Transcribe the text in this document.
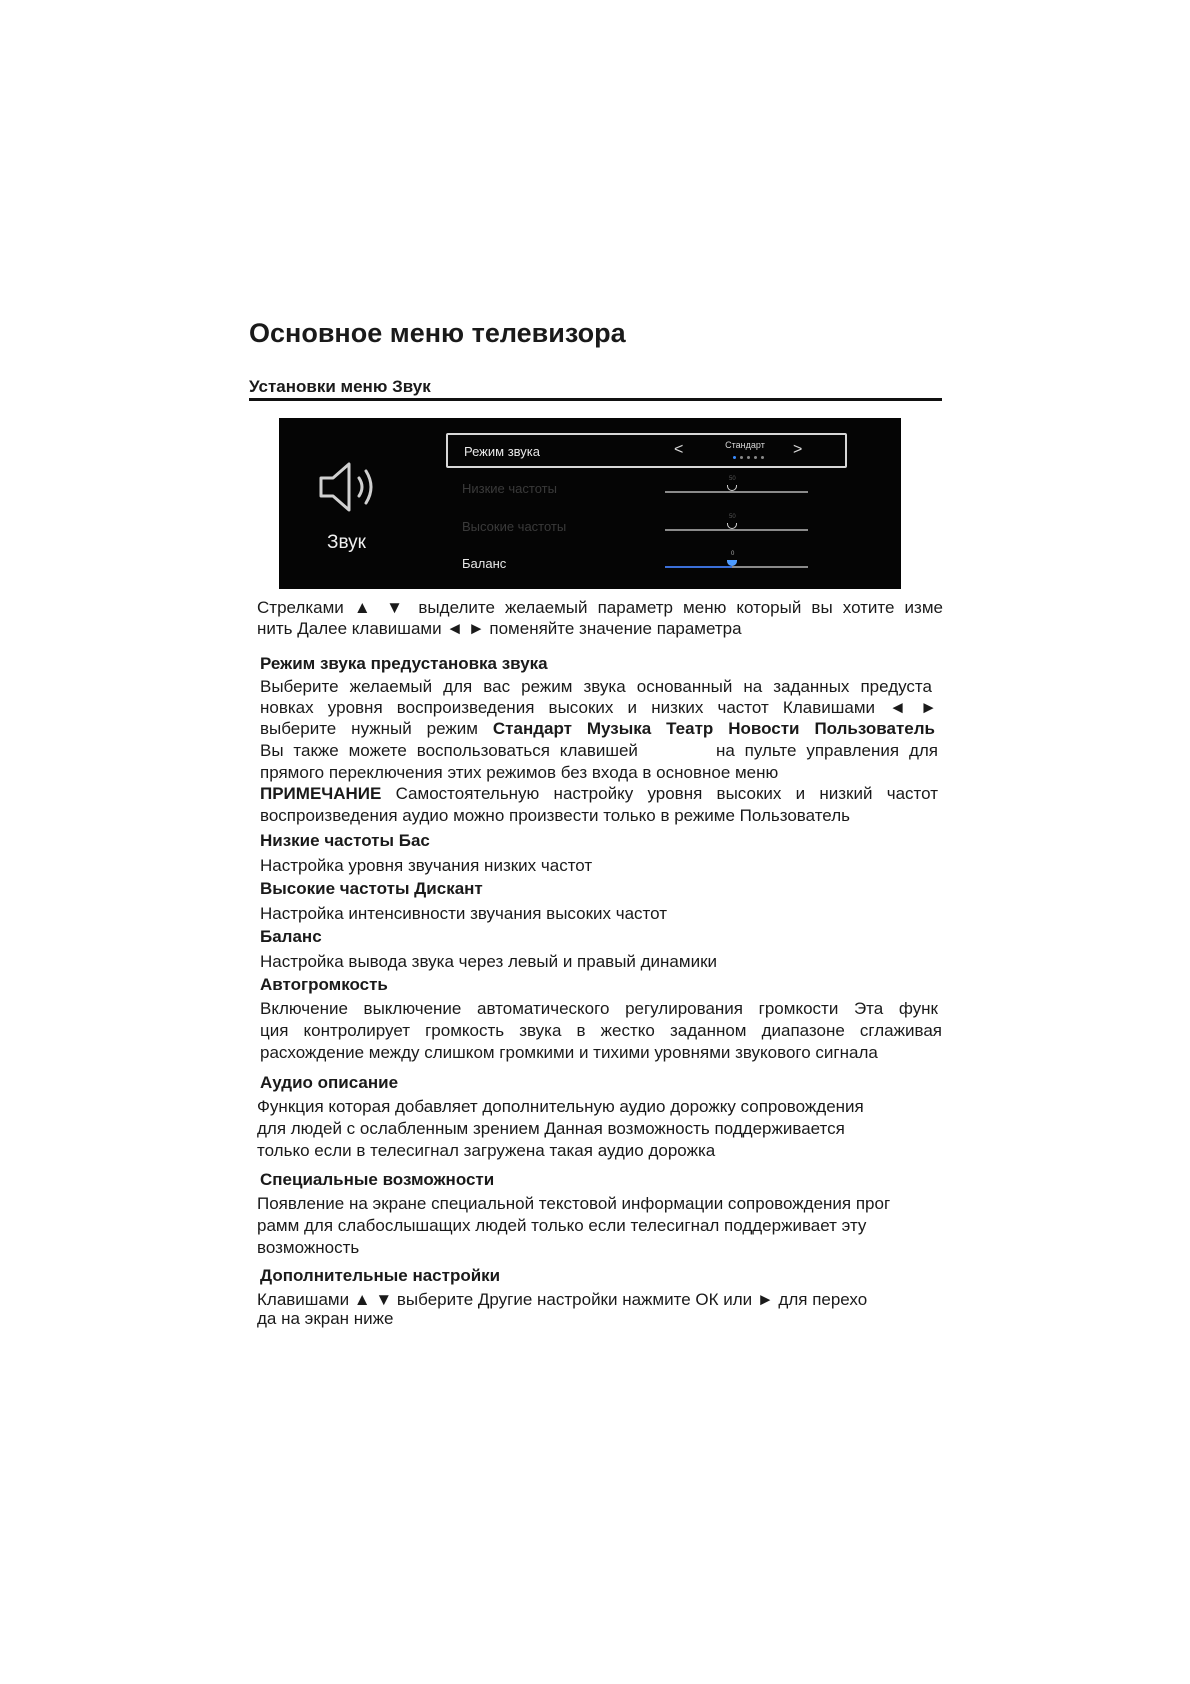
Основное меню телевизора
Установки меню Звук
Звук
Режим звука	<	Стандарт	>
Низкие частоты
50
Высокие частоты
50
Баланс
0

Стрелками ▲ ▼ выделите желаемый параметр меню который вы хотите изме

нить Далее клавишами ◄ ► поменяйте значение параметра

Режим звука предустановка звука

Выберите желаемый для вас режим звука основанный на заданных предуста

новках уровня воспроизведения высоких и низких частот Клавишами ◄ ►

выберите нужный режим Стандарт Музыка Театр Новости Пользователь

Вы также можете воспользоваться клавишей	на пульте управления для

прямого переключения этих режимов без входа в основное меню

ПРИМЕЧАНИЕ Самостоятельную настройку уровня высоких и низкий частот

воспроизведения аудио можно произвести только в режиме Пользователь

Низкие частоты Бас

Настройка уровня звучания низких частот

Высокие частоты Дискант

Настройка интенсивности звучания высоких частот

Баланс

Настройка вывода звука через левый и правый динамики

Автогромкость

Включение выключение автоматического регулирования громкости Эта функ

ция контролирует громкость звука в жестко заданном диапазоне сглаживая

расхождение между слишком громкими и тихими уровнями звукового сигнала

Аудио описание

Функция которая добавляет дополнительную аудио дорожку сопровождения

для людей с ослабленным зрением Данная возможность поддерживается

только если в телесигнал загружена такая аудио дорожка

Специальные возможности

Появление на экране специальной текстовой информации сопровождения прог

рамм для слабослышащих людей только если телесигнал поддерживает эту

возможность

Дополнительные настройки

Клавишами ▲ ▼ выберите Другие настройки нажмите ОК или ► для перехо

да на экран ниже
